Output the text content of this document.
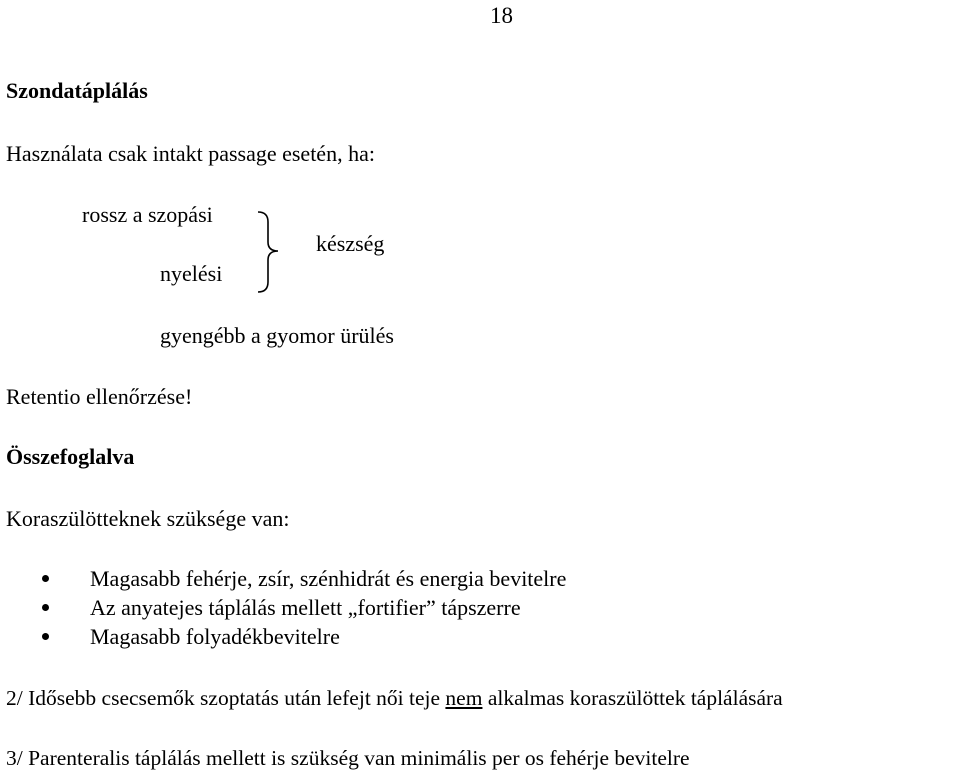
18
Szondatáplálás
Használata csak intakt passage esetén, ha:
rossz a szopási
nyelési
készség
gyengébb a gyomor ürülés
Retentio ellenőrzése!
Összefoglalva
Koraszülötteknek szüksége van:
Magasabb fehérje, zsír, szénhidrát és energia bevitelre
Az anyatejes táplálás mellett „fortifier” tápszerre
Magasabb folyadékbevitelre
2/ Idősebb csecsemők szoptatás után lefejt női teje nem alkalmas koraszülöttek táplálására
3/ Parenteralis táplálás mellett is szükség van minimális per os fehérje bevitelre
